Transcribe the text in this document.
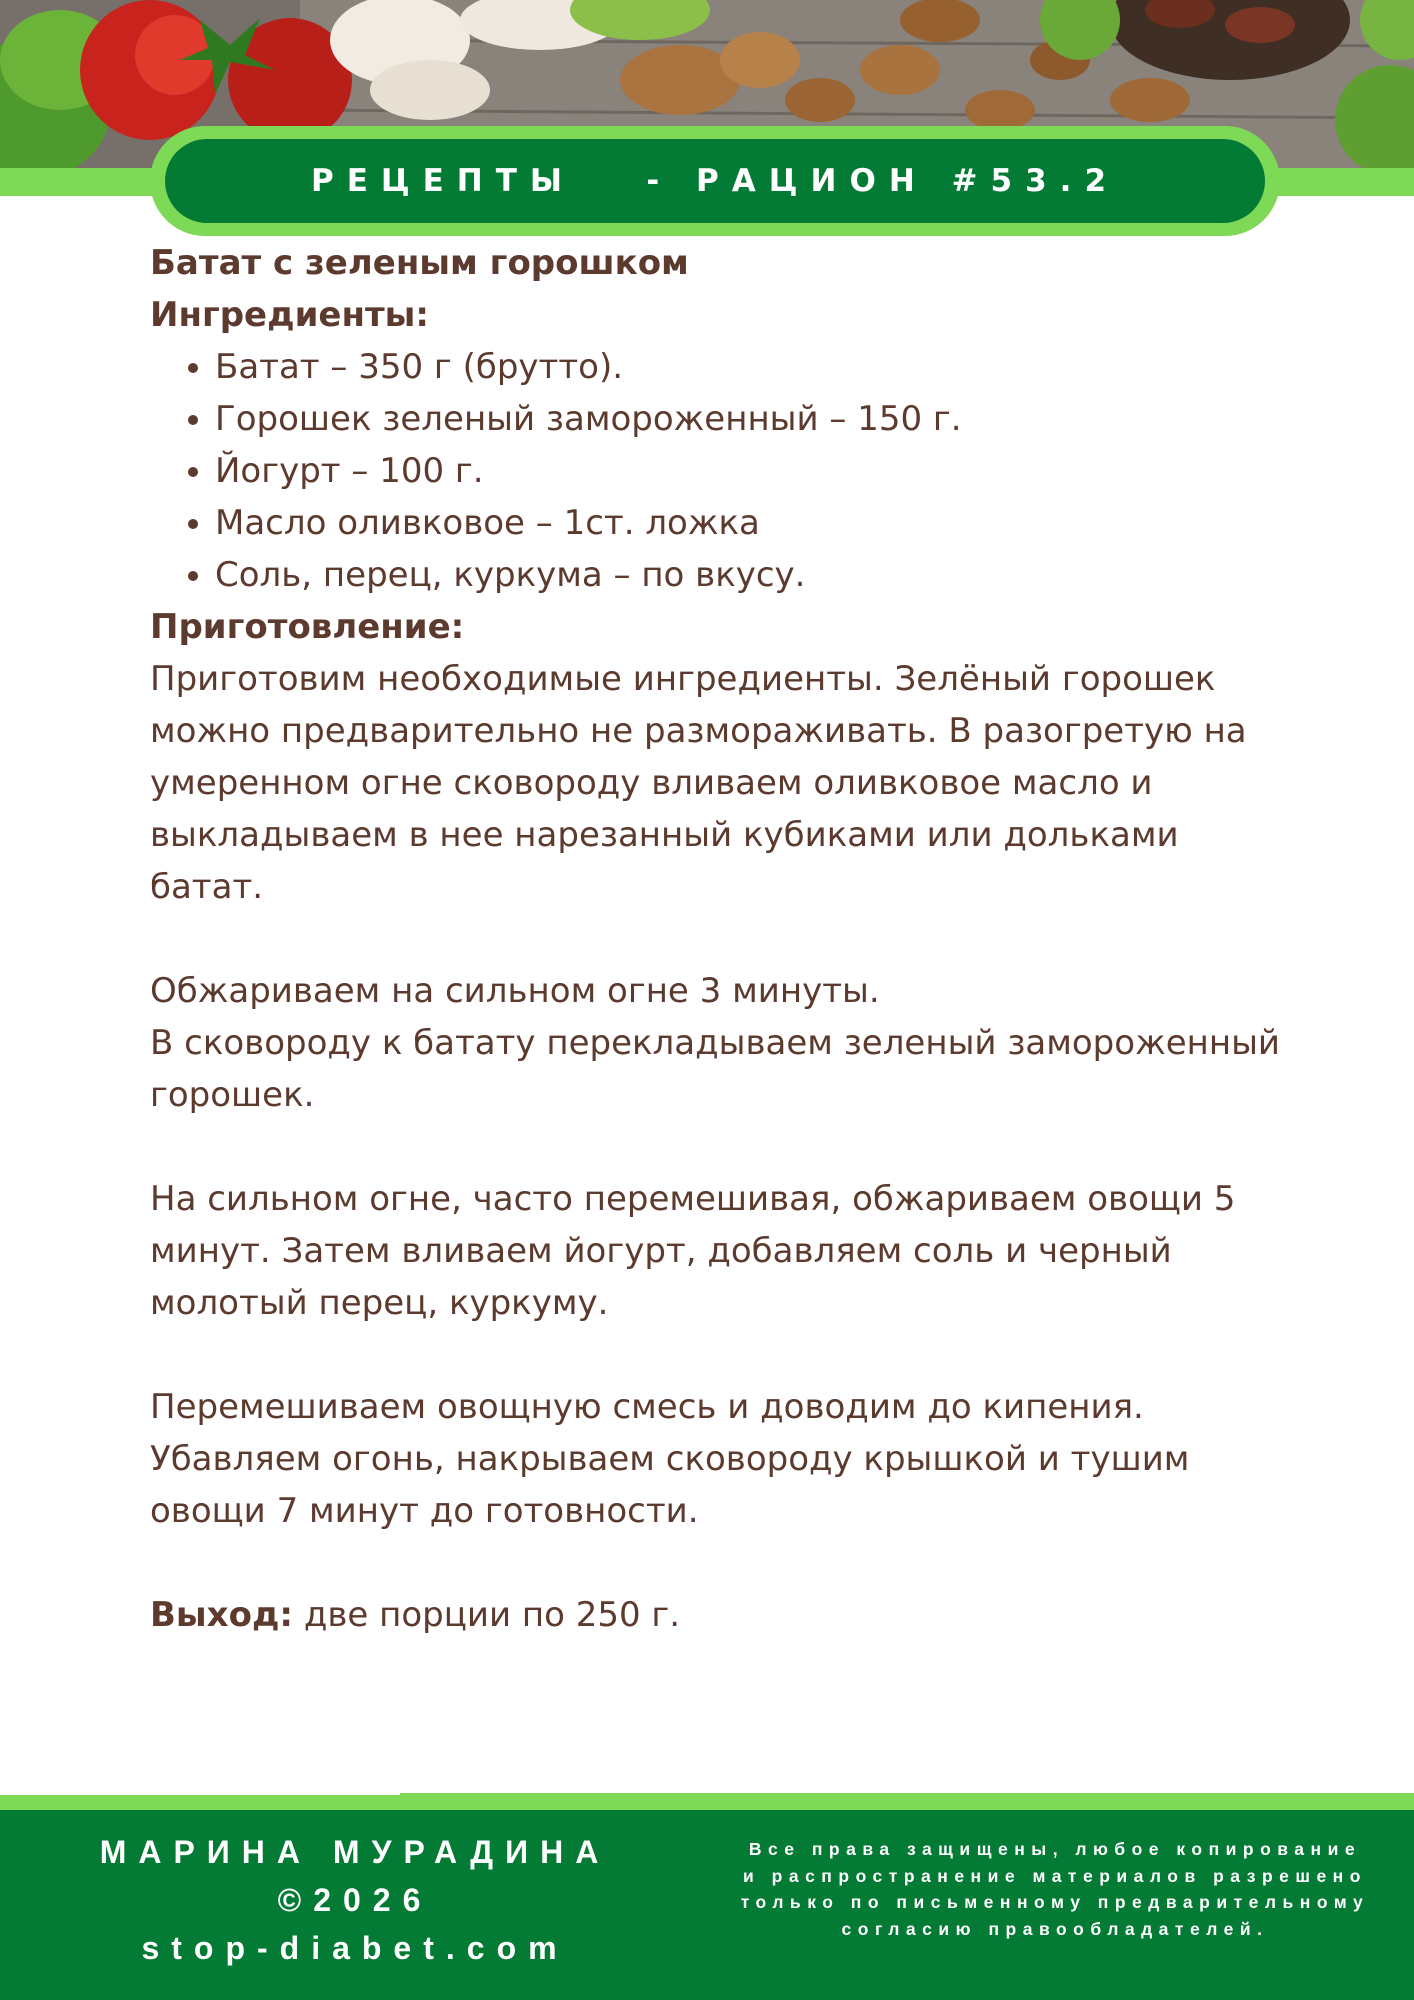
РЕЦЕПТЫ   - РАЦИОН #53.2

Батат с зеленым горошком

Ингредиенты:

• Батат – 350 г (брутто).
• Горошек зеленый замороженный – 150 г.
• Йогурт – 100 г.
• Масло оливковое – 1ст. ложка
• Соль, перец, куркума – по вкусу.

Приготовление:

Приготовим необходимые ингредиенты. Зелёный горошек можно предварительно не размораживать. В разогретую на умеренном огне сковороду вливаем оливковое масло и выкладываем в нее нарезанный кубиками или дольками батат.

Обжариваем на сильном огне 3 минуты.
В сковороду к батату перекладываем зеленый замороженный горошек.

На сильном огне, часто перемешивая, обжариваем овощи 5 минут. Затем вливаем йогурт, добавляем соль и черный молотый перец, куркуму.

Перемешиваем овощную смесь и доводим до кипения. Убавляем огонь, накрываем сковороду крышкой и тушим овощи 7 минут до готовности.

Выход: две порции по 250 г.

МАРИНА МУРАДИНА
©2026
stop-diabet.com
Все права защищены, любое копирование
и распространение материалов разрешено только по письменному предварительному согласию правообладателей.
